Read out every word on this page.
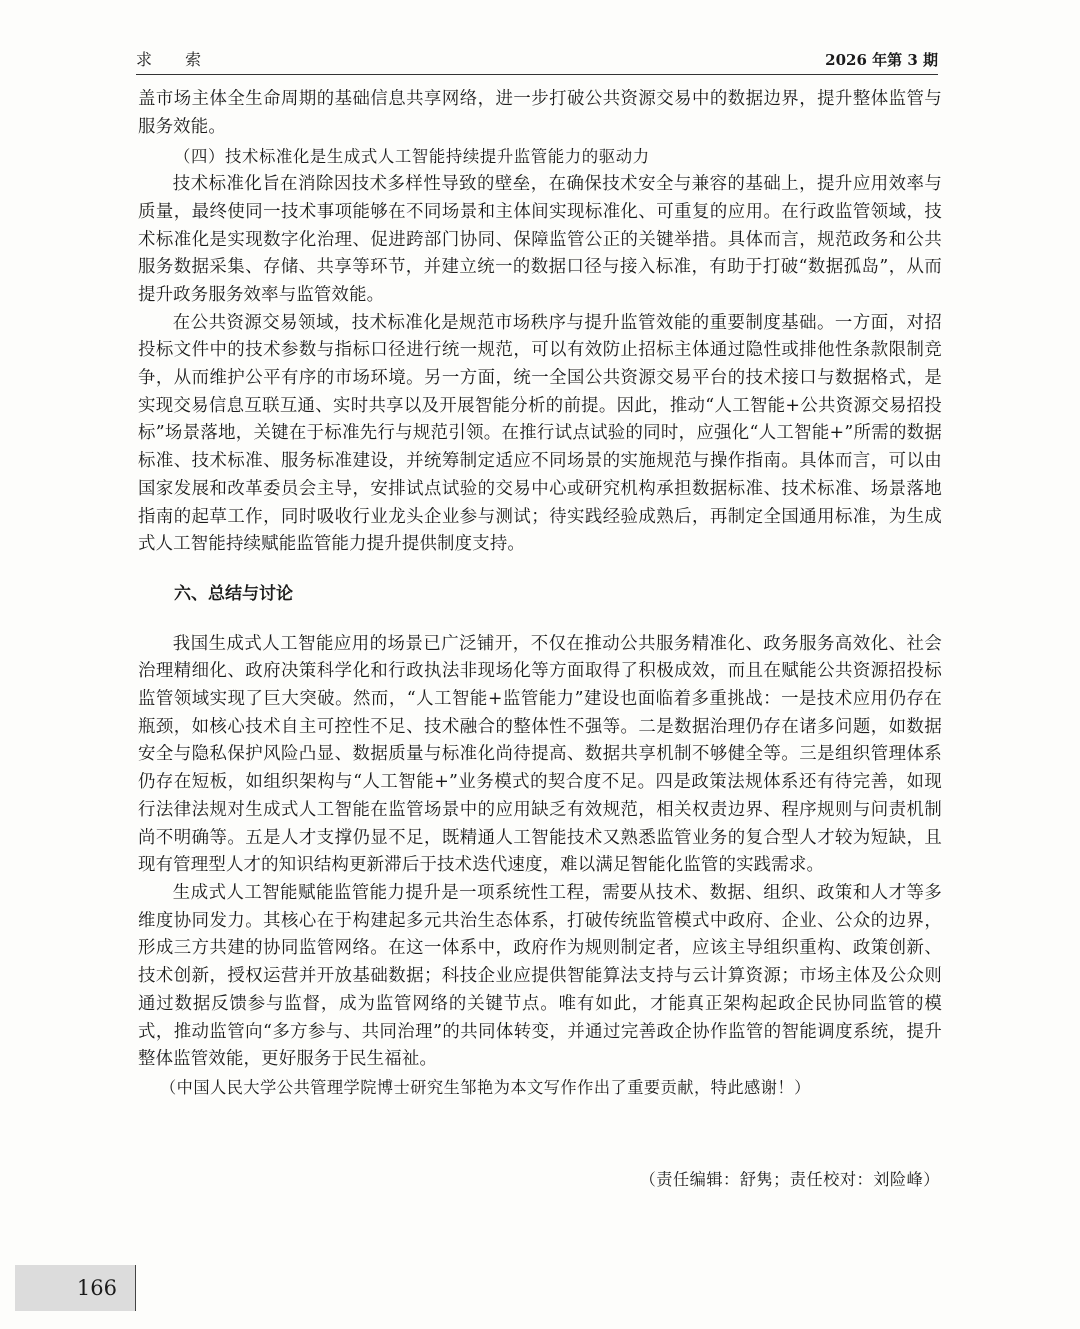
求 索	2026 年第 3 期

盖市场主体全生命周期的基础信息共享网络，进一步打破公共资源交易中的数据边界，提升整体监管与服务效能。

（四）技术标准化是生成式人工智能持续提升监管能力的驱动力

技术标准化旨在消除因技术多样性导致的壁垒，在确保技术安全与兼容的基础上，提升应用效率与质量，最终使同一技术事项能够在不同场景和主体间实现标准化、可重复的应用。在行政监管领域，技术标准化是实现数字化治理、促进跨部门协同、保障监管公正的关键举措。具体而言，规范政务和公共服务数据采集、存储、共享等环节，并建立统一的数据口径与接入标准，有助于打破“数据孤岛”，从而提升政务服务效率与监管效能。

在公共资源交易领域，技术标准化是规范市场秩序与提升监管效能的重要制度基础。一方面，对招投标文件中的技术参数与指标口径进行统一规范，可以有效防止招标主体通过隐性或排他性条款限制竞争，从而维护公平有序的市场环境。另一方面，统一全国公共资源交易平台的技术接口与数据格式，是实现交易信息互联互通、实时共享以及开展智能分析的前提。因此，推动“人工智能+公共资源交易招投标”场景落地，关键在于标准先行与规范引领。在推行试点试验的同时，应强化“人工智能+”所需的数据标准、技术标准、服务标准建设，并统筹制定适应不同场景的实施规范与操作指南。具体而言，可以由国家发展和改革委员会主导，安排试点试验的交易中心或研究机构承担数据标准、技术标准、场景落地指南的起草工作，同时吸收行业龙头企业参与测试；待实践经验成熟后，再制定全国通用标准，为生成式人工智能持续赋能监管能力提升提供制度支持。

六、总结与讨论

我国生成式人工智能应用的场景已广泛铺开，不仅在推动公共服务精准化、政务服务高效化、社会治理精细化、政府决策科学化和行政执法非现场化等方面取得了积极成效，而且在赋能公共资源招投标监管领域实现了巨大突破。然而，“人工智能+监管能力”建设也面临着多重挑战：一是技术应用仍存在瓶颈，如核心技术自主可控性不足、技术融合的整体性不强等。二是数据治理仍存在诸多问题，如数据安全与隐私保护风险凸显、数据质量与标准化尚待提高、数据共享机制不够健全等。三是组织管理体系仍存在短板，如组织架构与“人工智能+”业务模式的契合度不足。四是政策法规体系还有待完善，如现行法律法规对生成式人工智能在监管场景中的应用缺乏有效规范，相关权责边界、程序规则与问责机制尚不明确等。五是人才支撑仍显不足，既精通人工智能技术又熟悉监管业务的复合型人才较为短缺，且现有管理型人才的知识结构更新滞后于技术迭代速度，难以满足智能化监管的实践需求。

生成式人工智能赋能监管能力提升是一项系统性工程，需要从技术、数据、组织、政策和人才等多维度协同发力。其核心在于构建起多元共治生态体系，打破传统监管模式中政府、企业、公众的边界，形成三方共建的协同监管网络。在这一体系中，政府作为规则制定者，应该主导组织重构、政策创新、技术创新，授权运营并开放基础数据；科技企业应提供智能算法支持与云计算资源；市场主体及公众则通过数据反馈参与监督，成为监管网络的关键节点。唯有如此，才能真正架构起政企民协同监管的模式，推动监管向“多方参与、共同治理”的共同体转变，并通过完善政企协作监管的智能调度系统，提升整体监管效能，更好服务于民生福祉。

（中国人民大学公共管理学院博士研究生邹艳为本文写作作出了重要贡献，特此感谢！）
（责任编辑：舒隽；责任校对：刘险峰）
166
